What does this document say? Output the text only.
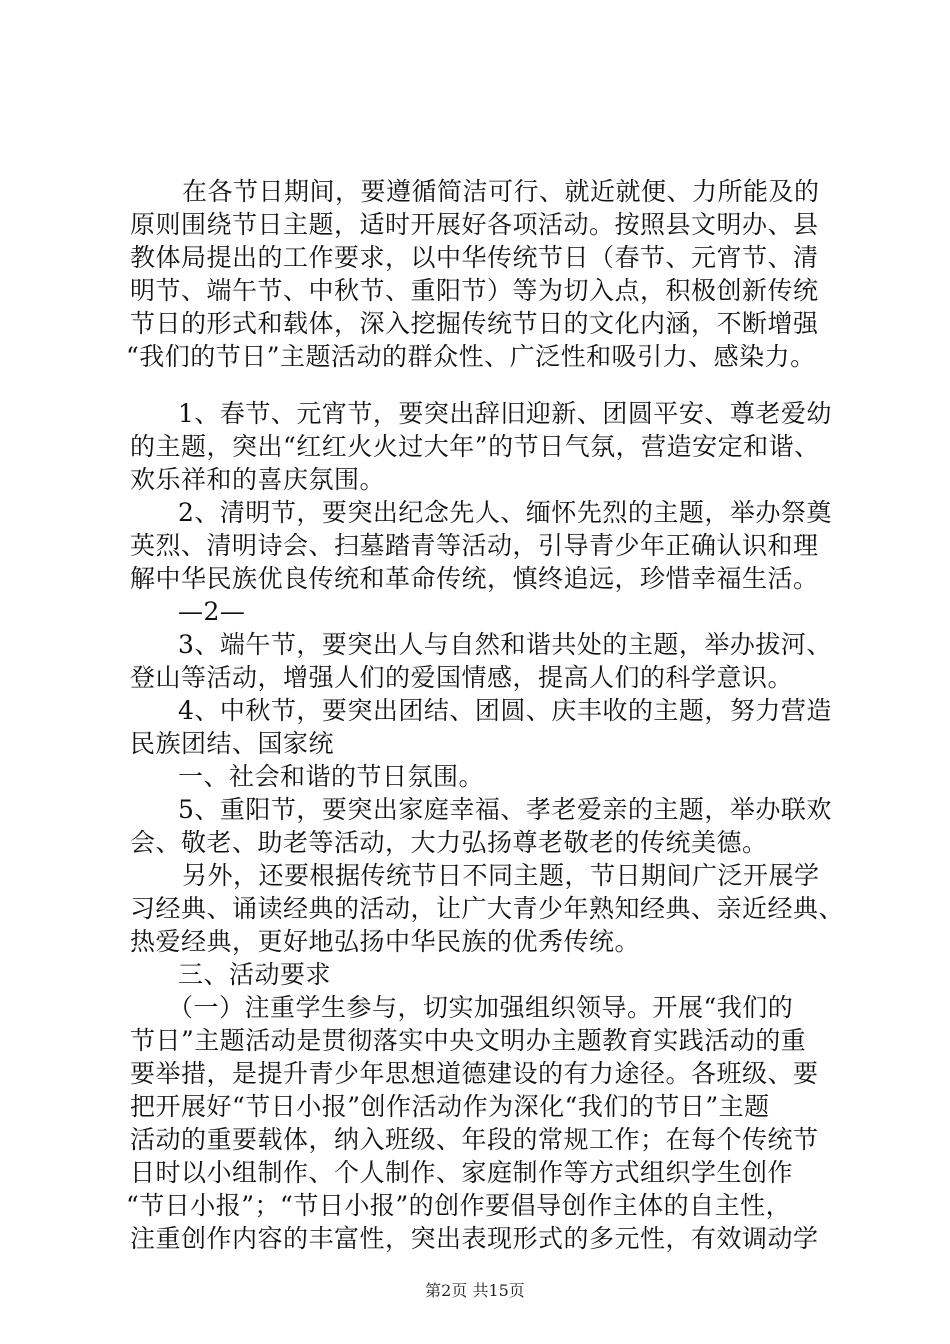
在各节日期间，要遵循简洁可行、就近就便、力所能及的
原则围绕节日主题，适时开展好各项活动。按照县文明办、县
教体局提出的工作要求，以中华传统节日（春节、元宵节、清
明节、端午节、中秋节、重阳节）等为切入点，积极创新传统
节日的形式和载体，深入挖掘传统节日的文化内涵，不断增强
“我们的节日”主题活动的群众性、广泛性和吸引力、感染力。
1、春节、元宵节，要突出辞旧迎新、团圆平安、尊老爱幼
的主题，突出“红红火火过大年”的节日气氛，营造安定和谐、
欢乐祥和的喜庆氛围。
2、清明节，要突出纪念先人、缅怀先烈的主题，举办祭奠
英烈、清明诗会、扫墓踏青等活动，引导青少年正确认识和理
解中华民族优良传统和革命传统，慎终追远，珍惜幸福生活。
—2—
3、端午节，要突出人与自然和谐共处的主题，举办拔河、
登山等活动，增强人们的爱国情感，提高人们的科学意识。
4、中秋节，要突出团结、团圆、庆丰收的主题，努力营造
民族团结、国家统
一、社会和谐的节日氛围。
5、重阳节，要突出家庭幸福、孝老爱亲的主题，举办联欢
会、敬老、助老等活动，大力弘扬尊老敬老的传统美德。
另外，还要根据传统节日不同主题，节日期间广泛开展学
习经典、诵读经典的活动，让广大青少年熟知经典、亲近经典、
热爱经典，更好地弘扬中华民族的优秀传统。
三、活动要求
（一）注重学生参与，切实加强组织领导。开展“我们的
节日”主题活动是贯彻落实中央文明办主题教育实践活动的重
要举措，是提升青少年思想道德建设的有力途径。各班级、要
把开展好“节日小报”创作活动作为深化“我们的节日”主题
活动的重要载体，纳入班级、年段的常规工作；在每个传统节
日时以小组制作、个人制作、家庭制作等方式组织学生创作
“节日小报”；“节日小报”的创作要倡导创作主体的自主性，
注重创作内容的丰富性，突出表现形式的多元性，有效调动学
第2页 共15页
